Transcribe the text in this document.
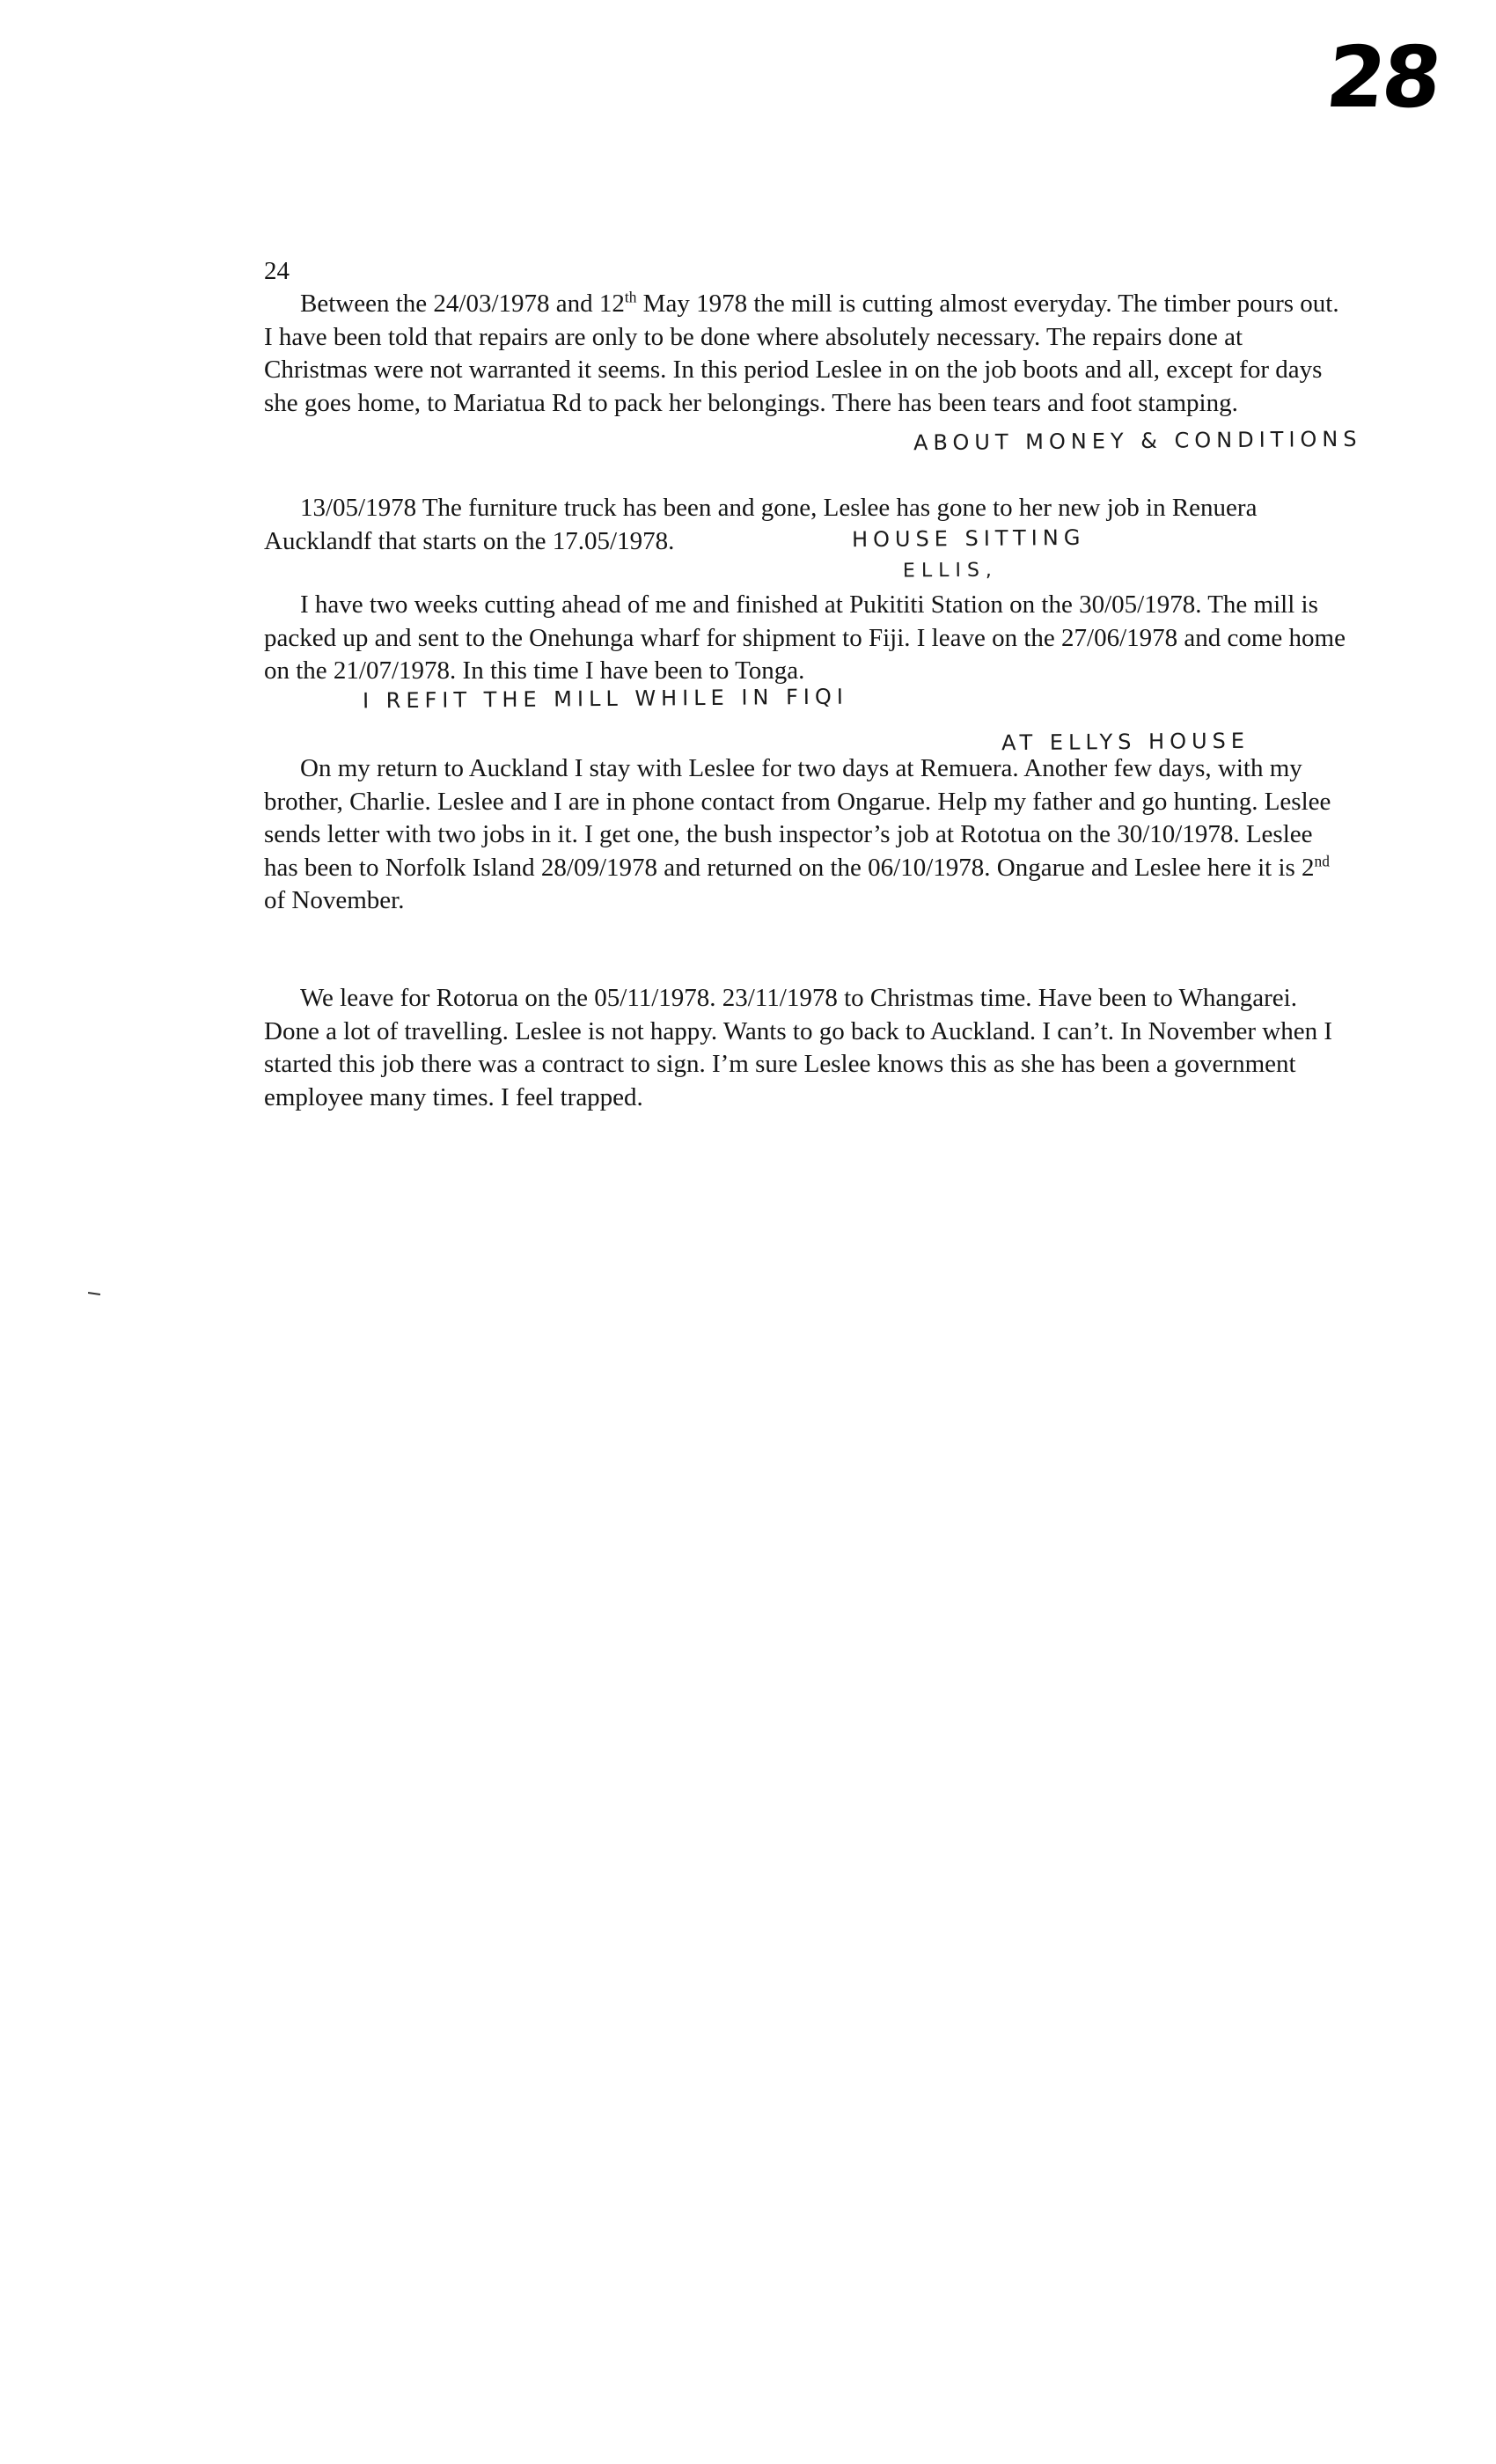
28
24
Between the 24/03/1978 and 12th May 1978 the mill is cutting almost everyday. The timber pours out. I have been told that repairs are only to be done where absolutely necessary. The repairs done at Christmas were not warranted it seems. In this period Leslee in on the job boots and all, except for days she goes home, to Mariatua Rd to pack her belongings. There has been tears and foot stamping.
ABOUT MONEY & CONDITIONS
13/05/1978 The furniture truck has been and gone, Leslee has gone to her new job in Renuera Aucklandf that starts on the 17.05/1978.	HOUSE SITTING
ELLIS,
I have two weeks cutting ahead of me and finished at Pukititi Station on the 30/05/1978. The mill is packed up and sent to the Onehunga wharf for shipment to Fiji. I leave on the 27/06/1978 and come home on the 21/07/1978. In this time I have been to Tonga.
I REFIT THE MILL WHILE IN FIQI
AT ELLYS HOUSE
On my return to Auckland I stay with Leslee for two days at Remuera. Another few days, with my brother, Charlie. Leslee and I are in phone contact from Ongarue. Help my father and go hunting. Leslee sends letter with two jobs in it. I get one, the bush inspector’s job at Rototua on the 30/10/1978. Leslee has been to Norfolk Island 28/09/1978 and returned on the 06/10/1978. Ongarue and Leslee here it is 2nd of November.
We leave for Rotorua on the 05/11/1978. 23/11/1978 to Christmas time. Have been to Whangarei. Done a lot of travelling. Leslee is not happy. Wants to go back to Auckland. I can’t. In November when I started this job there was a contract to sign. I’m sure Leslee knows this as she has been a government employee many times. I feel trapped.
